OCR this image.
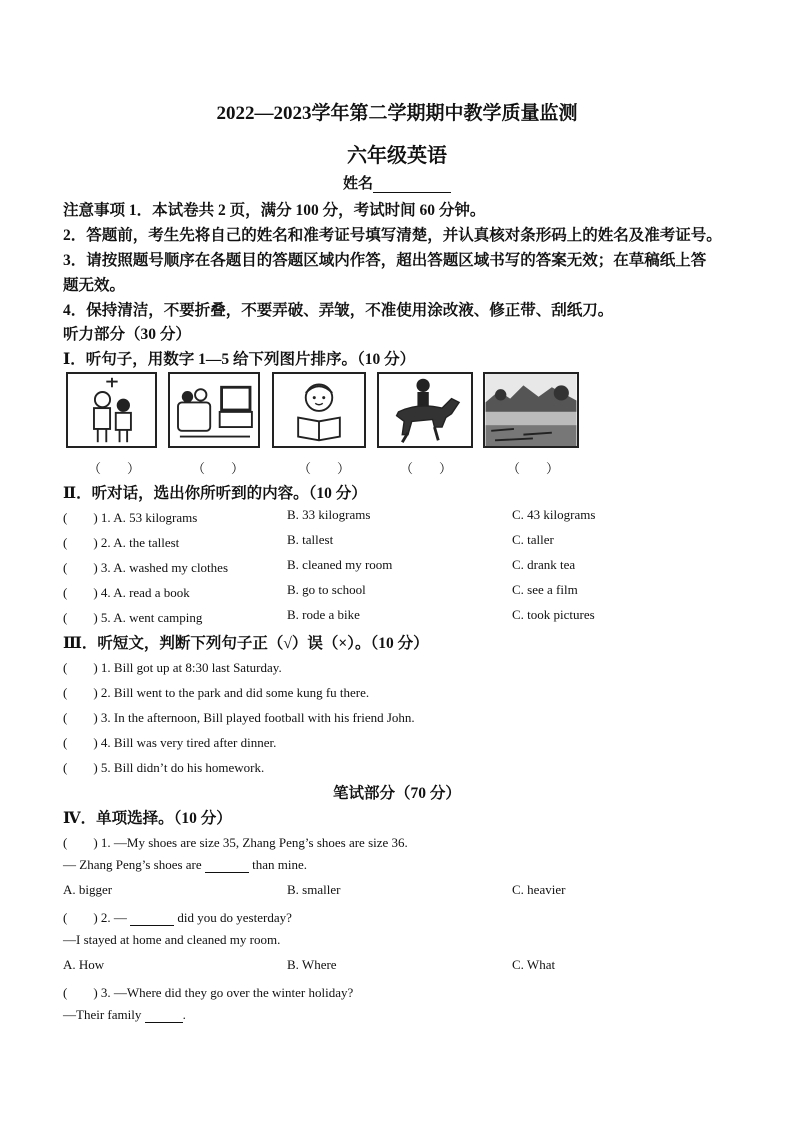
2022—2023学年第二学期期中教学质量监测
六年级英语
姓名
注意事项 1．本试卷共 2 页，满分 100 分，考试时间 60 分钟。
2．答题前，考生先将自己的姓名和准考证号填写清楚，并认真核对条形码上的姓名及准考证号。
3．请按照题号顺序在各题目的答题区域内作答，超出答题区域书写的答案无效；在草稿纸上答
题无效。
4．保持清洁，不要折叠，不要弄破、弄皱，不准使用涂改液、修正带、刮纸刀。
听力部分（30 分）
Ⅰ．听句子，用数字 1—5 给下列图片排序。（10 分）
（　　）	（　　）	（　　）	（　　）	（　　）
Ⅱ．听对话，选出你所听到的内容。（10 分）
(　　) 1. A. 53 kilograms	B. 33 kilograms	C. 43 kilograms
(　　) 2. A. the tallest	B. tallest	C. taller
(　　) 3. A. washed my clothes	B. cleaned my room	C. drank tea
(　　) 4. A. read a book	B. go to school	C. see a film
(　　) 5. A. went camping	B. rode a bike	C. took pictures
Ⅲ．听短文，判断下列句子正（√）误（×）。（10 分）
(　　) 1. Bill got up at 8:30 last Saturday.
(　　) 2. Bill went to the park and did some kung fu there.
(　　) 3. In the afternoon, Bill played football with his friend John.
(　　) 4. Bill was very tired after dinner.
(　　) 5. Bill didn’t do his homework.
笔试部分（70 分）
Ⅳ．单项选择。（10 分）
(　　) 1. —My shoes are size 35, Zhang Peng’s shoes are size 36.
— Zhang Peng’s shoes are	than mine.
A. bigger	B. smaller	C. heavier
(　　) 2. —	did you do yesterday?
—I stayed at home and cleaned my room.
A. How	B. Where	C. What
(　　) 3. —Where did they go over the winter holiday?
—Their family	.
